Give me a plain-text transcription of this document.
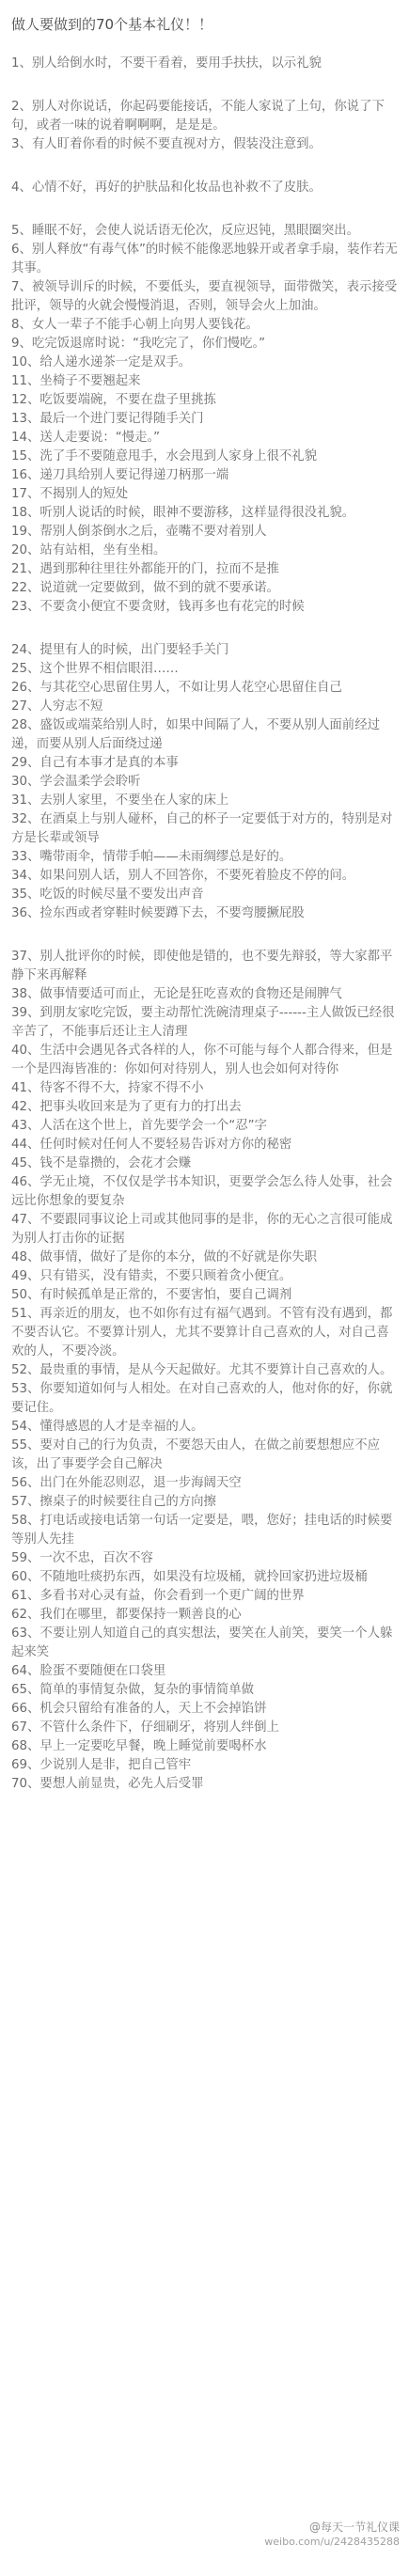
做人要做到的70个基本礼仪！！

1、别人给倒水时，不要干看着，要用手扶扶，以示礼貌

2、别人对你说话，你起码要能接话，不能人家说了上句，你说了下句，或者一味的说着啊啊啊，是是是。

3、有人盯着你看的时候不要直视对方，假装没注意到。

4、心情不好，再好的护肤品和化妆品也补救不了皮肤。

5、睡眠不好，会使人说话语无伦次，反应迟钝，黑眼圈突出。

6、别人释放“有毒气体”的时候不能像恶地躲开或者拿手扇，装作若无其事。

7、被领导训斥的时候，不要低头，要直视领导，面带微笑，表示接受批评，领导的火就会慢慢消退，否则，领导会火上加油。

8、女人一辈子不能手心朝上向男人要钱花。

9、吃完饭退席时说：“我吃完了，你们慢吃。”

10、给人递水递茶一定是双手。

11、坐椅子不要翘起来

12、吃饭要端碗，不要在盘子里挑拣

13、最后一个进门要记得随手关门

14、送人走要说：“慢走。”

15、洗了手不要随意甩手，水会甩到人家身上很不礼貌

16、递刀具给别人要记得递刀柄那一端

17、不揭别人的短处

18、听别人说话的时候，眼神不要游移，这样显得很没礼貌。

19、帮别人倒茶倒水之后，壶嘴不要对着别人

20、站有站相，坐有坐相。

21、遇到那种往里往外都能开的门，拉而不是推

22、说道就一定要做到，做不到的就不要承诺。

23、不要贪小便宜不要贪财，钱再多也有花完的时候

24、提里有人的时候，出门要轻手关门

25、这个世界不相信眼泪……

26、与其花空心思留住男人，不如让男人花空心思留住自己

27、人穷志不短

28、盛饭或端菜给别人时，如果中间隔了人，不要从别人面前经过递，而要从别人后面绕过递

29、自己有本事才是真的本事

30、学会温柔学会聆听

31、去别人家里，不要坐在人家的床上

32、在酒桌上与别人碰杯，自己的杯子一定要低于对方的，特别是对方是长辈或领导

33、嘴带雨伞，情带手帕——未雨绸缪总是好的。

34、如果问别人话，别人不回答你，不要死着脸皮不停的问。

35、吃饭的时候尽量不要发出声音

36、捡东西或者穿鞋时候要蹲下去，不要弯腰撅屁股

37、别人批评你的时候，即使他是错的，也不要先辩驳，等大家都平静下来再解释

38、做事情要适可而止，无论是狂吃喜欢的食物还是闹脾气

39、到朋友家吃完饭，要主动帮忙洗碗清理桌子------主人做饭已经很辛苦了，不能事后还让主人清理

40、生活中会遇见各式各样的人，你不可能与每个人都合得来，但是一个是四海皆准的：你如何对待别人，别人也会如何对待你

41、待客不得不大，持家不得不小

42、把事头收回来是为了更有力的打出去

43、人活在这个世上，首先要学会一个“忍”字

44、任何时候对任何人不要轻易告诉对方你的秘密

45、钱不是靠攒的，会花才会赚

46、学无止境，不仅仅是学书本知识，更要学会怎么待人处事，社会远比你想象的要复杂

47、不要跟同事议论上司或其他同事的是非，你的无心之言很可能成为别人打击你的证据

48、做事情，做好了是你的本分，做的不好就是你失职

49、只有错买，没有错卖，不要只顾着贪小便宜。

50、有时候孤单是正常的，不要害怕，要自己调剂

51、再亲近的朋友，也不如你有过有福气遇到。不管有没有遇到，都不要否认它。不要算计别人，尤其不要算计自己喜欢的人，对自己喜欢的人，不要冷淡。

52、最贵重的事情，是从今天起做好。尤其不要算计自己喜欢的人。

53、你要知道如何与人相处。在对自己喜欢的人，他对你的好，你就要记住。

54、懂得感恩的人才是幸福的人。

55、要对自己的行为负责，不要怨天由人，在做之前要想想应不应该，出了事要学会自己解决

56、出门在外能忍则忍，退一步海阔天空

57、擦桌子的时候要往自己的方向擦

58、打电话或接电话第一句话一定要是，喂，您好；挂电话的时候要等别人先挂

59、一次不忠，百次不容

60、不随地吐痰扔东西，如果没有垃圾桶，就拎回家扔进垃圾桶

61、多看书对心灵有益，你会看到一个更广阔的世界

62、我们在哪里，都要保持一颗善良的心

63、不要让别人知道自己的真实想法，要笑在人前笑，要笑一个人躲起来笑

64、脸蛋不要随便在口袋里

65、简单的事情复杂做，复杂的事情简单做

66、机会只留给有准备的人，天上不会掉馅饼

67、不管什么条件下，仔细刷牙，将别人绊倒上

68、早上一定要吃早餐，晚上睡觉前要喝杯水

69、少说别人是非，把自己管牢

70、要想人前显贵，必先人后受罪

@每天一节礼仪课
weibo.com/u/2428435288
